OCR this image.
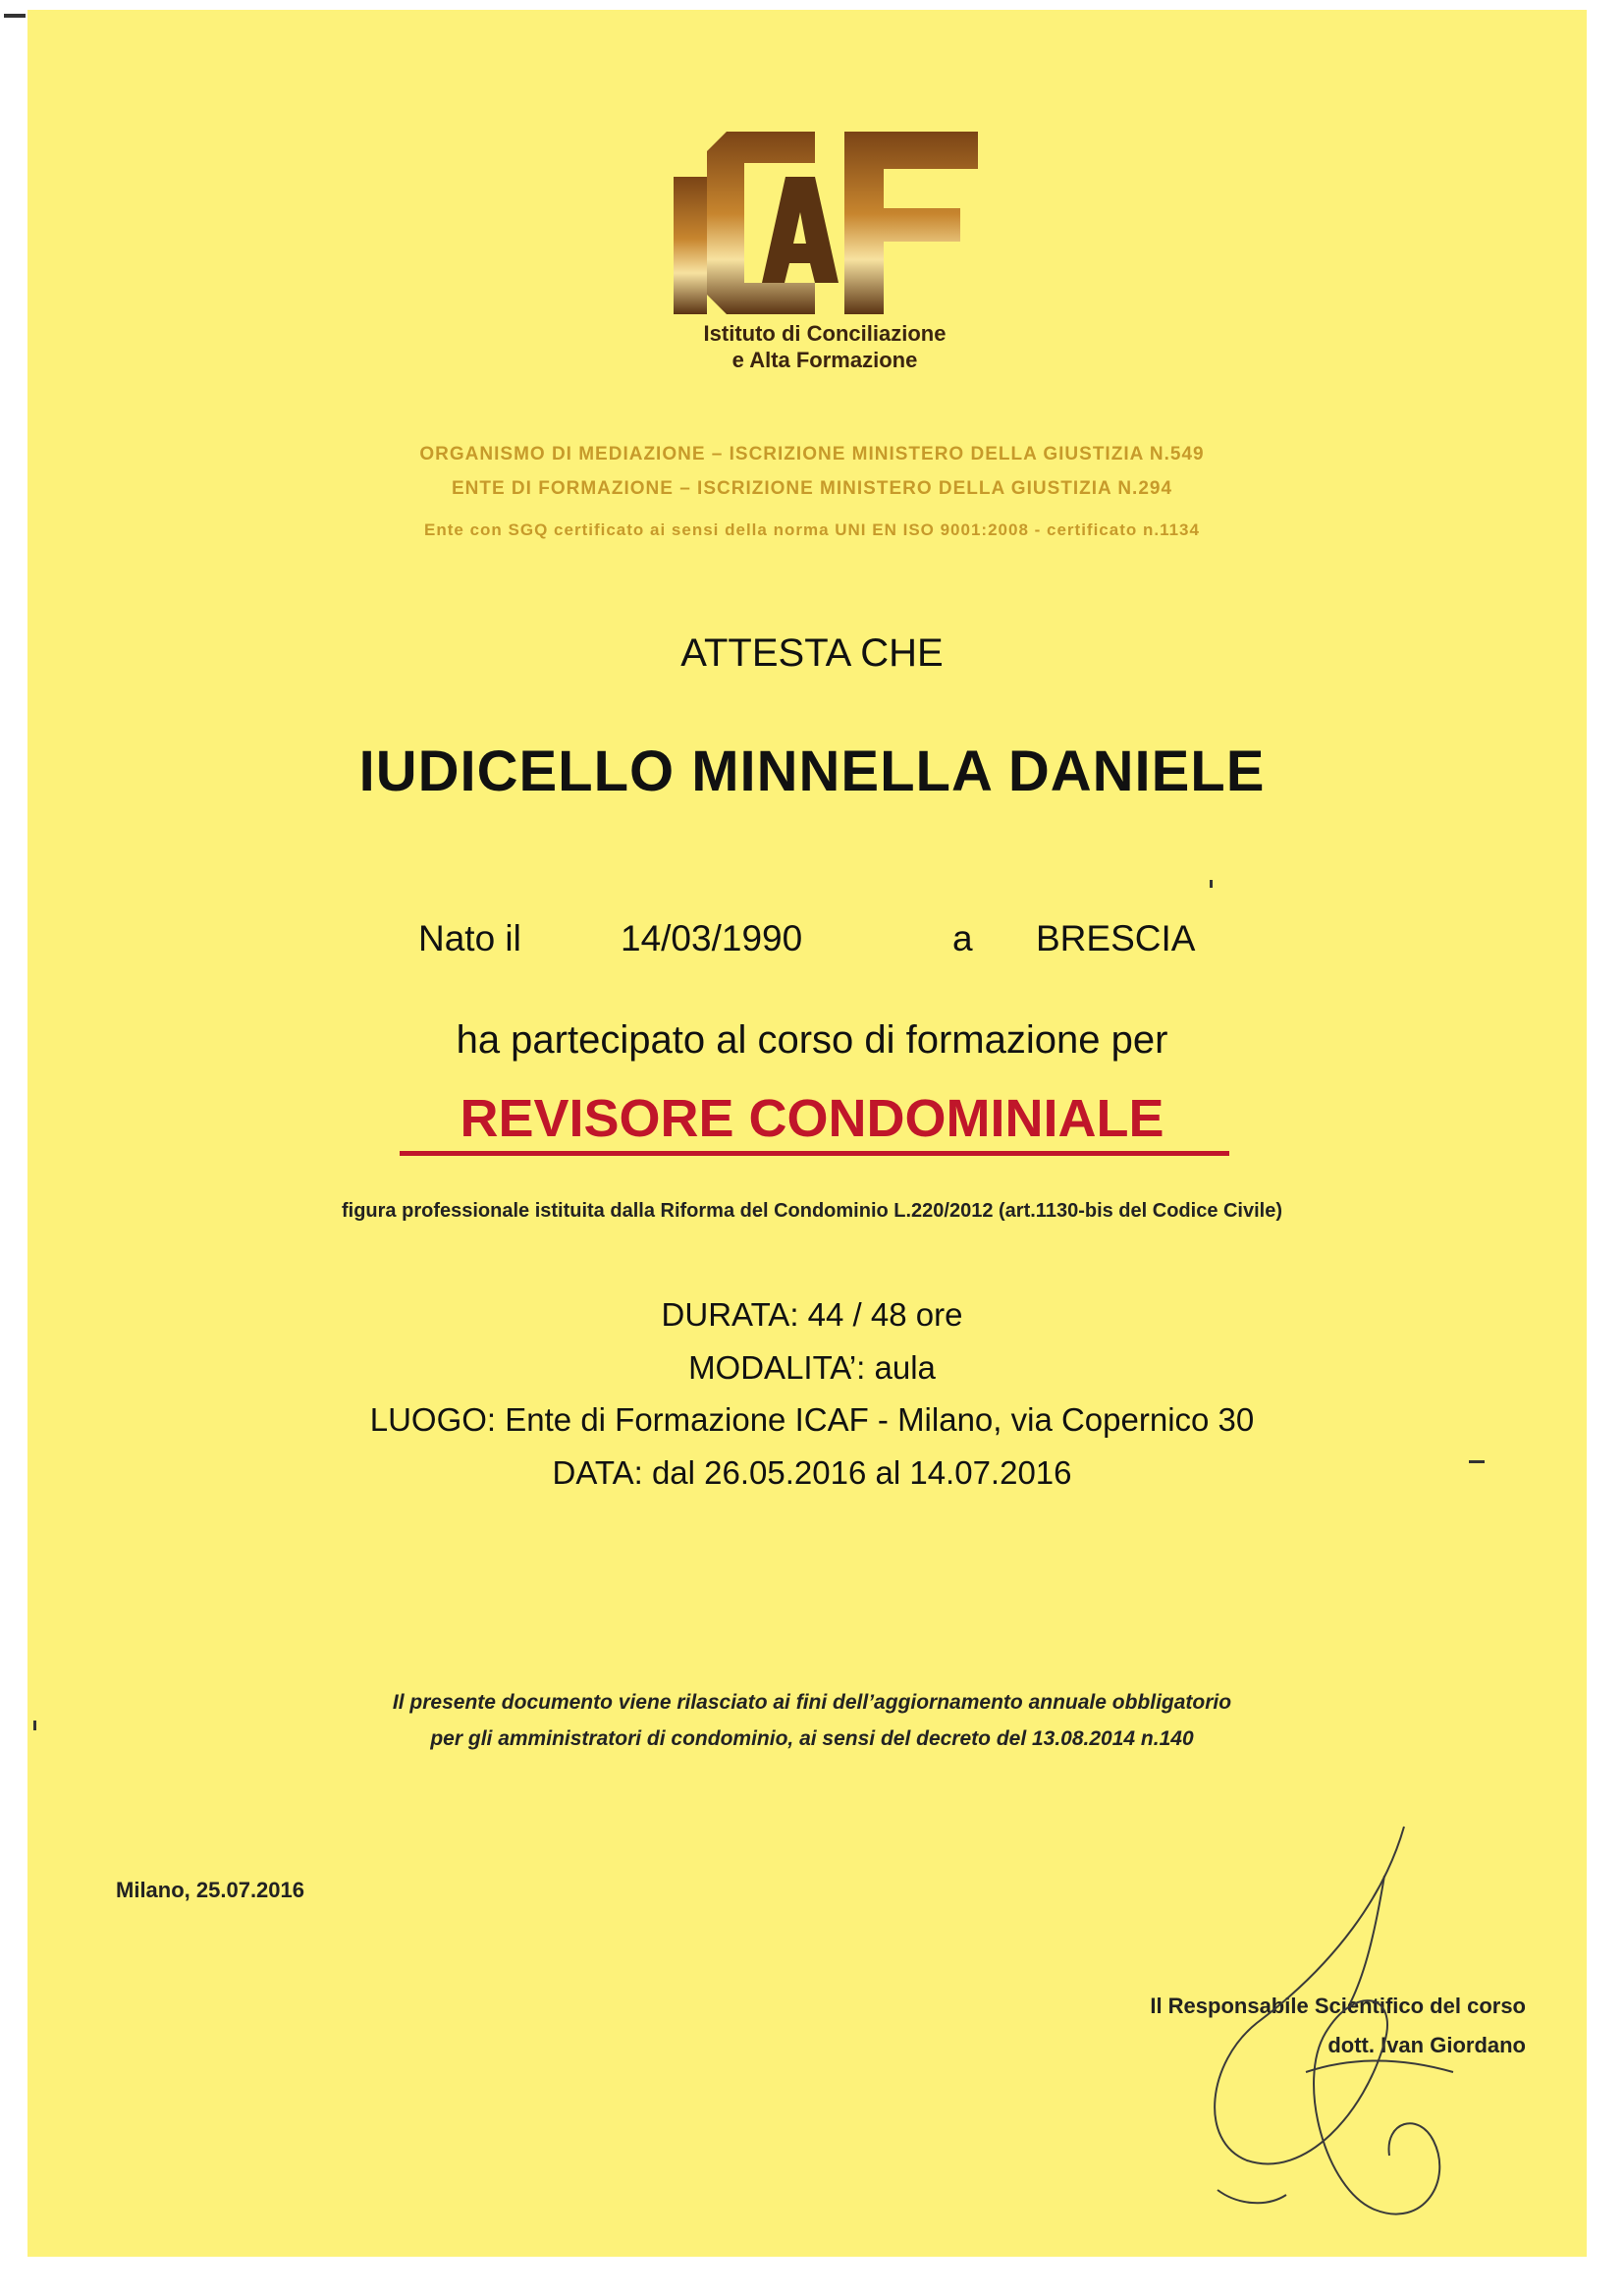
Istituto di Conciliazione
e Alta Formazione
ORGANISMO DI MEDIAZIONE – ISCRIZIONE MINISTERO DELLA GIUSTIZIA N.549
ENTE DI FORMAZIONE – ISCRIZIONE MINISTERO DELLA GIUSTIZIA N.294
Ente con SGQ certificato ai sensi della norma UNI EN ISO 9001:2008 - certificato n.1134
ATTESTA CHE
IUDICELLO MINNELLA DANIELE
Nato il	14/03/1990	a BRESCIA
ha partecipato al corso di formazione per
REVISORE CONDOMINIALE
figura professionale istituita dalla Riforma del Condominio L.220/2012 (art.1130-bis del Codice Civile)
DURATA: 44 / 48 ore
MODALITA’: aula
LUOGO: Ente di Formazione ICAF - Milano, via Copernico 30
DATA: dal 26.05.2016 al 14.07.2016
Il presente documento viene rilasciato ai fini dell’aggiornamento annuale obbligatorio
per gli amministratori di condominio, ai sensi del decreto del 13.08.2014 n.140
Milano, 25.07.2016
Il Responsabile Scientifico del corso
dott. Ivan Giordano
